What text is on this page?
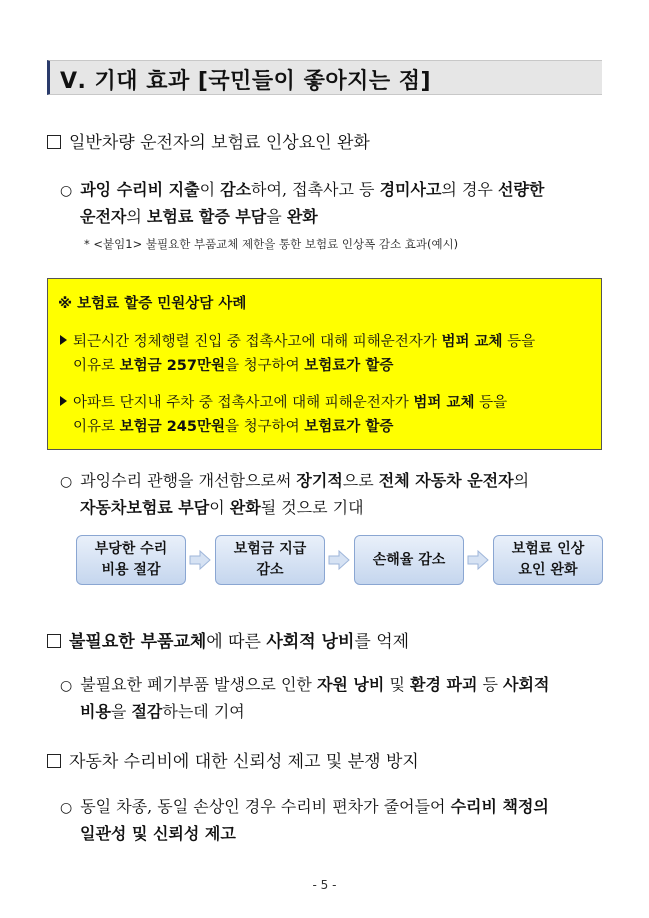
Ⅴ. 기대 효과 [국민들이 좋아지는 점]
일반차량 운전자의 보험료 인상요인 완화
○ 과잉 수리비 지출이 감소하여, 접촉사고 등 경미사고의 경우 선량한
운전자의 보험료 할증 부담을 완화
* <붙임1> 불필요한 부품교체 제한을 통한 보험료 인상폭 감소 효과(예시)
※ 보험료 할증 민원상담 사례
퇴근시간 정체행렬 진입 중 접촉사고에 대해 피해운전자가 범퍼 교체 등을
이유로 보험금 257만원을 청구하여 보험료가 할증
아파트 단지내 주차 중 접촉사고에 대해 피해운전자가 범퍼 교체 등을
이유로 보험금 245만원을 청구하여 보험료가 할증
○ 과잉수리 관행을 개선함으로써 장기적으로 전체 자동차 운전자의
자동차보험료 부담이 완화될 것으로 기대
부당한 수리
비용 절감
보험금 지급
감소
손해율 감소
보험료 인상
요인 완화
불필요한 부품교체에 따른 사회적 낭비를 억제
○ 불필요한 폐기부품 발생으로 인한 자원 낭비 및 환경 파괴 등 사회적
비용을 절감하는데 기여
자동차 수리비에 대한 신뢰성 제고 및 분쟁 방지
○ 동일 차종, 동일 손상인 경우 수리비 편차가 줄어들어 수리비 책정의
일관성 및 신뢰성 제고
- 5 -
